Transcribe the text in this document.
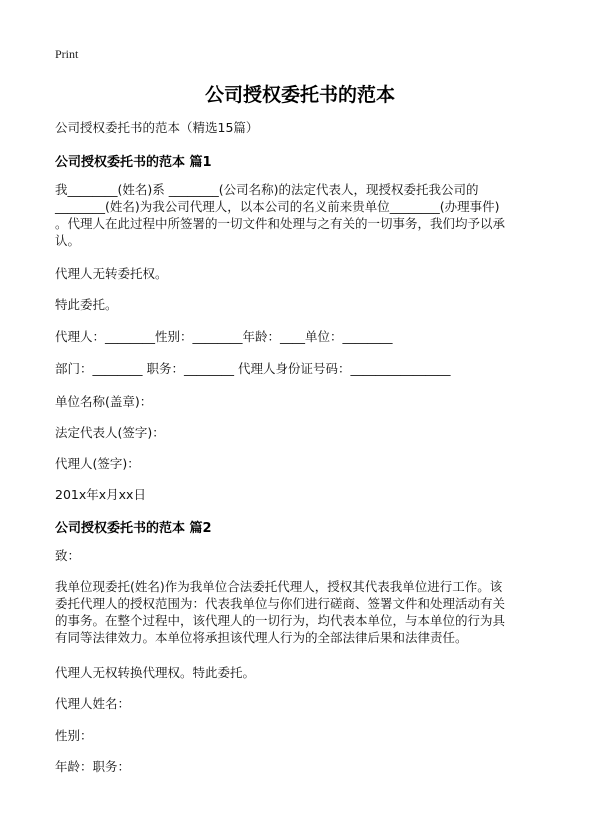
Print
公司授权委托书的范本
公司授权委托书的范本（精选15篇）
公司授权委托书的范本 篇1
我________(姓名)系 ________(公司名称)的法定代表人，现授权委托我公司的
________(姓名)为我公司代理人，以本公司的名义前来贵单位________(办理事件)
。代理人在此过程中所签署的一切文件和处理与之有关的一切事务，我们均予以承
认。
代理人无转委托权。
特此委托。
代理人：________性别：________年龄：____单位：________
部门：________ 职务：________ 代理人身份证号码：________________
单位名称(盖章)：
法定代表人(签字)：
代理人(签字)：
201x年x月xx日
公司授权委托书的范本 篇2
致：
我单位现委托(姓名)作为我单位合法委托代理人，授权其代表我单位进行工作。该
委托代理人的授权范围为：代表我单位与你们进行磋商、签署文件和处理活动有关
的事务。在整个过程中，该代理人的一切行为，均代表本单位，与本单位的行为具
有同等法律效力。本单位将承担该代理人行为的全部法律后果和法律责任。
代理人无权转换代理权。特此委托。
代理人姓名：
性别：
年龄：职务：
